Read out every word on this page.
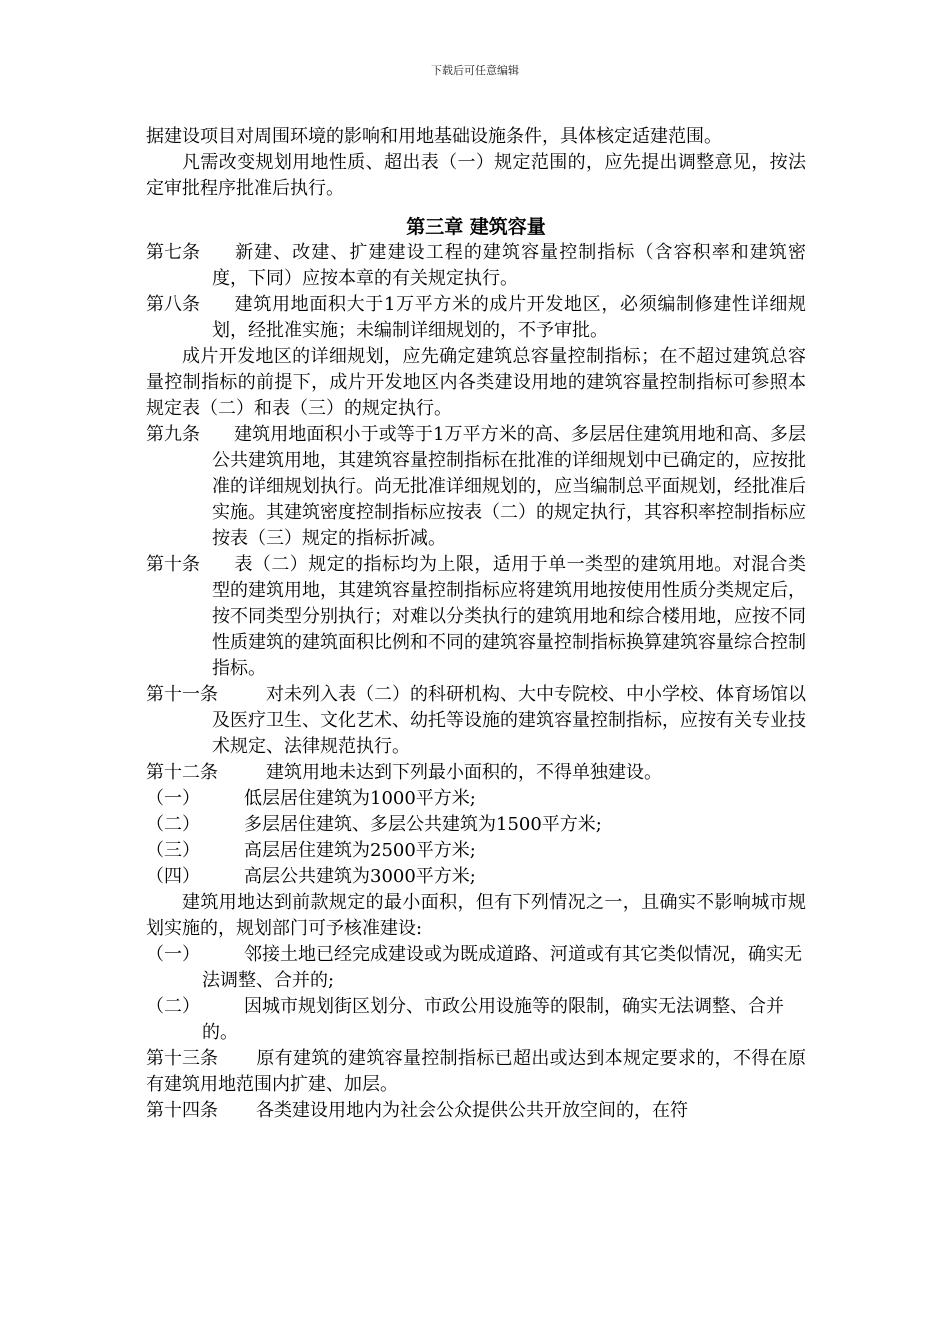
下载后可任意编辑

据建设项目对周围环境的影响和用地基础设施条件，具体核定适建范围。

凡需改变规划用地性质、超出表（一）规定范围的，应先提出调整意见，按法定审批程序批准后执行。

第三章 建筑容量

第七条 新建、改建、扩建建设工程的建筑容量控制指标（含容积率和建筑密度，下同）应按本章的有关规定执行。

第八条 建筑用地面积大于1万平方米的成片开发地区，必须编制修建性详细规划，经批准实施；未编制详细规划的，不予审批。

成片开发地区的详细规划，应先确定建筑总容量控制指标；在不超过建筑总容量控制指标的前提下，成片开发地区内各类建设用地的建筑容量控制指标可参照本规定表（二）和表（三）的规定执行。

第九条 建筑用地面积小于或等于1万平方米的高、多层居住建筑用地和高、多层公共建筑用地，其建筑容量控制指标在批准的详细规划中已确定的，应按批准的详细规划执行。尚无批准详细规划的，应当编制总平面规划，经批准后实施。其建筑密度控制指标应按表（二）的规定执行，其容积率控制指标应按表（三）规定的指标折减。

第十条 表（二）规定的指标均为上限，适用于单一类型的建筑用地。对混合类型的建筑用地，其建筑容量控制指标应将建筑用地按使用性质分类规定后，按不同类型分别执行；对难以分类执行的建筑用地和综合楼用地，应按不同性质建筑的建筑面积比例和不同的建筑容量控制指标换算建筑容量综合控制指标。

第十一条	对未列入表（二）的科研机构、大中专院校、中小学校、体育场馆以及医疗卫生、文化艺术、幼托等设施的建筑容量控制指标，应按有关专业技术规定、法律规范执行。

第十二条	建筑用地未达到下列最小面积的，不得单独建设。

（一） 低层居住建筑为1000平方米;

（二） 多层居住建筑、多层公共建筑为1500平方米;

（三） 高层居住建筑为2500平方米;

（四） 高层公共建筑为3000平方米;

建筑用地达到前款规定的最小面积，但有下列情况之一，且确实不影响城市规划实施的，规划部门可予核准建设:

（一） 邻接土地已经完成建设或为既成道路、河道或有其它类似情况，确实无法调整、合并的;

（二） 因城市规划街区划分、市政公用设施等的限制，确实无法调整、合并的。

第十三条 原有建筑的建筑容量控制指标已超出或达到本规定要求的，不得在原有建筑用地范围内扩建、加层。

第十四条 各类建设用地内为社会公众提供公共开放空间的，在符
